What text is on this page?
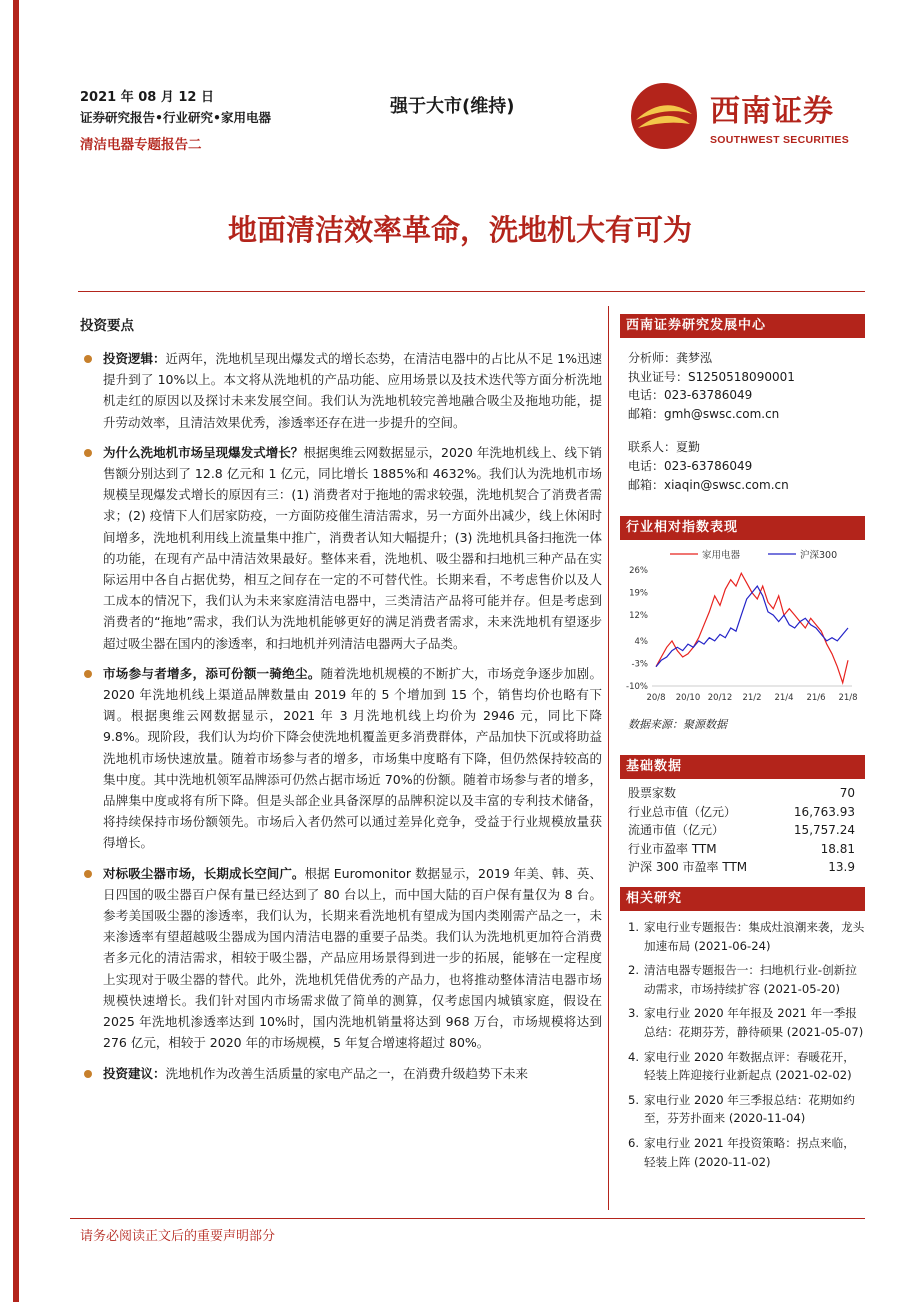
2021 年 08 月 12 日
证券研究报告•行业研究•家用电器
清洁电器专题报告二
强于大市(维持)	西南证券
SOUTHWEST SECURITIES
地面清洁效率革命，洗地机大有可为
投资要点
投资逻辑：近两年，洗地机呈现出爆发式的增长态势，在清洁电器中的占比从不足 1%迅速提升到了 10%以上。本文将从洗地机的产品功能、应用场景以及技术迭代等方面分析洗地机走红的原因以及探讨未来发展空间。我们认为洗地机较完善地融合吸尘及拖地功能，提升劳动效率，且清洁效果优秀，渗透率还存在进一步提升的空间。
为什么洗地机市场呈现爆发式增长？根据奥维云网数据显示，2020 年洗地机线上、线下销售额分别达到了 12.8 亿元和 1 亿元，同比增长 1885%和 4632%。我们认为洗地机市场规模呈现爆发式增长的原因有三：(1) 消费者对于拖地的需求较强，洗地机契合了消费者需求；(2) 疫情下人们居家防疫，一方面防疫催生清洁需求，另一方面外出减少，线上休闲时间增多，洗地机利用线上流量集中推广，消费者认知大幅提升；(3) 洗地机具备扫拖洗一体的功能，在现有产品中清洁效果最好。整体来看，洗地机、吸尘器和扫地机三种产品在实际运用中各自占据优势，相互之间存在一定的不可替代性。长期来看，不考虑售价以及人工成本的情况下，我们认为未来家庭清洁电器中，三类清洁产品将可能并存。但是考虑到消费者的“拖地”需求，我们认为洗地机能够更好的满足消费者需求，未来洗地机有望逐步超过吸尘器在国内的渗透率，和扫地机并列清洁电器两大子品类。
市场参与者增多，添可份额一骑绝尘。随着洗地机规模的不断扩大，市场竞争逐步加剧。2020 年洗地机线上渠道品牌数量由 2019 年的 5 个增加到 15 个，销售均价也略有下调。根据奥维云网数据显示，2021 年 3 月洗地机线上均价为 2946 元，同比下降 9.8%。现阶段，我们认为均价下降会使洗地机覆盖更多消费群体，产品加快下沉或将助益洗地机市场快速放量。随着市场参与者的增多，市场集中度略有下降，但仍然保持较高的集中度。其中洗地机领军品牌添可仍然占据市场近 70%的份额。随着市场参与者的增多，品牌集中度或将有所下降。但是头部企业具备深厚的品牌积淀以及丰富的专利技术储备，将持续保持市场份额领先。市场后入者仍然可以通过差异化竞争，受益于行业规模放量获得增长。
对标吸尘器市场，长期成长空间广。根据 Euromonitor 数据显示，2019 年美、韩、英、日四国的吸尘器百户保有量已经达到了 80 台以上，而中国大陆的百户保有量仅为 8 台。参考美国吸尘器的渗透率，我们认为，长期来看洗地机有望成为国内类刚需产品之一，未来渗透率有望超越吸尘器成为国内清洁电器的重要子品类。我们认为洗地机更加符合消费者多元化的清洁需求，相较于吸尘器，产品应用场景得到进一步的拓展，能够在一定程度上实现对于吸尘器的替代。此外，洗地机凭借优秀的产品力，也将推动整体清洁电器市场规模快速增长。我们针对国内市场需求做了简单的测算，仅考虑国内城镇家庭，假设在 2025 年洗地机渗透率达到 10%时，国内洗地机销量将达到 968 万台，市场规模将达到 276 亿元，相较于 2020 年的市场规模，5 年复合增速将超过 80%。
投资建议：洗地机作为改善生活质量的家电产品之一，在消费升级趋势下未来
西南证券研究发展中心
分析师：龚梦泓
执业证号：S1250518090001
电话：023-63786049
邮箱：gmh@swsc.com.cn
联系人：夏勤
电话：023-63786049
邮箱：xiaqin@swsc.com.cn
行业相对指数表现
家用电器	沪深300
26%
19%
12%
4%
-3%
-10%
20/8 20/10 20/12 21/2 21/4 21/6 21/8
数据来源：聚源数据
基础数据
股票家数	70
行业总市值（亿元）	16,763.93
流通市值（亿元）	15,757.24
行业市盈率 TTM	18.81
沪深 300 市盈率 TTM	13.9
相关研究
1. 家电行业专题报告：集成灶浪潮来袭，龙头加速布局 (2021-06-24)
2. 清洁电器专题报告一：扫地机行业-创新拉动需求，市场持续扩容 (2021-05-20)
3. 家电行业 2020 年年报及 2021 年一季报总结：花期芬芳，静待硕果 (2021-05-07)
4. 家电行业 2020 年数据点评：春暖花开，轻装上阵迎接行业新起点 (2021-02-02)
5. 家电行业 2020 年三季报总结：花期如约至，芬芳扑面来 (2020-11-04)
6. 家电行业 2021 年投资策略：拐点来临，轻装上阵 (2020-11-02)
请务必阅读正文后的重要声明部分
